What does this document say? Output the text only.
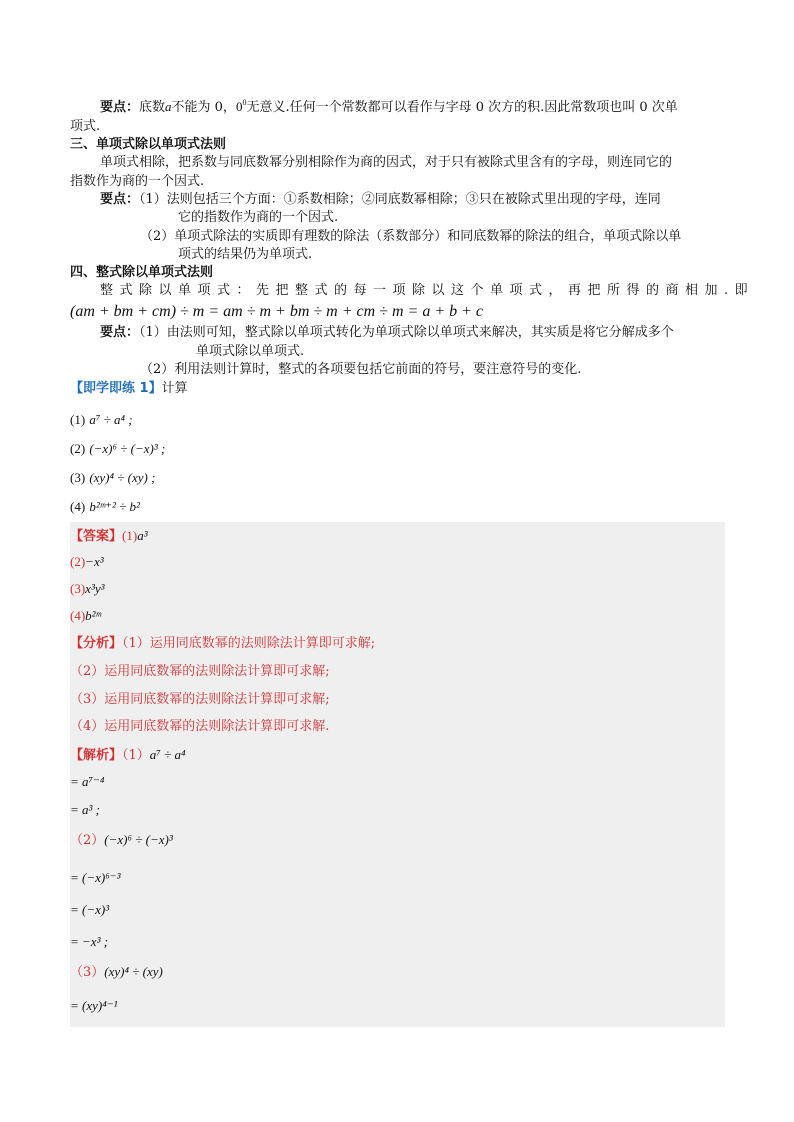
要点：底数a不能为 0，$0^0$无意义.任何一个常数都可以看作与字母 0 次方的积.因此常数项也叫 0 次单
项式.
三、单项式除以单项式法则
单项式相除，把系数与同底数幂分别相除作为商的因式，对于只有被除式里含有的字母，则连同它的
指数作为商的一个因式.
要点：（1）法则包括三个方面：①系数相除；②同底数幂相除；③只在被除式里出现的字母，连同
它的指数作为商的一个因式.
（2）单项式除法的实质即有理数的除法（系数部分）和同底数幂的除法的组合，单项式除以单
项式的结果仍为单项式.
四、整式除以单项式法则
整式除以单项式：先把整式的每一项除以这个单项式，再把所得的商相加.即
(am + bm + cm) ÷ m = am ÷ m + bm ÷ m + cm ÷ m = a + b + c
要点：（1）由法则可知，整式除以单项式转化为单项式除以单项式来解决，其实质是将它分解成多个
单项式除以单项式.
（2）利用法则计算时，整式的各项要包括它前面的符号，要注意符号的变化.
【即学即练 1】计算
(1) a⁷ ÷ a⁴ ;
(2) (−x)⁶ ÷ (−x)³ ;
(3) (xy)⁴ ÷ (xy) ;
(4) b²ᵐ⁺² ÷ b²
【答案】(1)a³
(2)−x³
(3)x³y³
(4)b²ᵐ
【分析】（1）运用同底数幂的法则除法计算即可求解;
（2）运用同底数幂的法则除法计算即可求解;
（3）运用同底数幂的法则除法计算即可求解;
（4）运用同底数幂的法则除法计算即可求解.
【解析】（1）a⁷ ÷ a⁴
= a⁷⁻⁴
= a³ ;
（2）(−x)⁶ ÷ (−x)³
= (−x)⁶⁻³
= (−x)³
= −x³ ;
（3）(xy)⁴ ÷ (xy)
= (xy)⁴⁻¹
